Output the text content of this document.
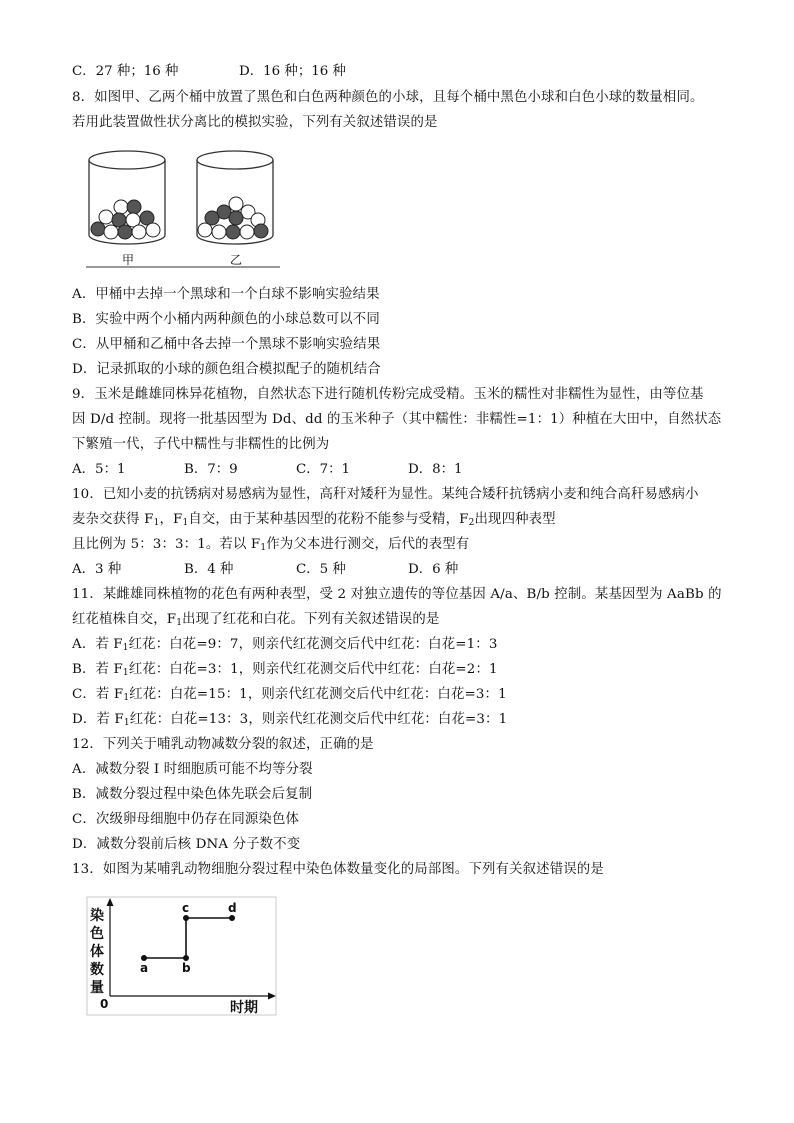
C．27 种；16 种	D．16 种；16 种
8．如图甲、乙两个桶中放置了黑色和白色两种颜色的小球，且每个桶中黑色小球和白色小球的数量相同。
若用此装置做性状分离比的模拟实验，下列有关叙述错误的是
甲	乙
A．甲桶中去掉一个黑球和一个白球不影响实验结果
B．实验中两个小桶内两种颜色的小球总数可以不同
C．从甲桶和乙桶中各去掉一个黑球不影响实验结果
D．记录抓取的小球的颜色组合模拟配子的随机结合
9．玉米是雌雄同株异花植物，自然状态下进行随机传粉完成受精。玉米的糯性对非糯性为显性，由等位基
因 D/d 控制。现将一批基因型为 Dd、dd 的玉米种子（其中糯性：非糯性=1：1）种植在大田中，自然状态
下繁殖一代，子代中糯性与非糯性的比例为
A．5：1	B．7：9	C．7：1	D．8：1
10．已知小麦的抗锈病对易感病为显性，高秆对矮秆为显性。某纯合矮秆抗锈病小麦和纯合高秆易感病小
麦杂交获得 $F_1$，$F_1$自交，由于某种基因型的花粉不能参与受精，$F_2$出现四种表型
且比例为 5：3：3：1。若以 $F_1$作为父本进行测交，后代的表型有
A．3 种	B．4 种	C．5 种	D．6 种
11．某雌雄同株植物的花色有两种表型，受 2 对独立遗传的等位基因 A/a、B/b 控制。某基因型为 AaBb 的
红花植株自交，$F_1$出现了红花和白花。下列有关叙述错误的是
A．若 $F_1$红花：白花=9：7，则亲代红花测交后代中红花：白花=1：3
B．若 $F_1$红花：白花=3：1，则亲代红花测交后代中红花：白花=2：1
C．若 $F_1$红花：白花=15：1，则亲代红花测交后代中红花：白花=3：1
D．若 $F_1$红花：白花=13：3，则亲代红花测交后代中红花：白花=3：1
12．下列关于哺乳动物减数分裂的叙述，正确的是
A．减数分裂 I 时细胞质可能不均等分裂
B．减数分裂过程中染色体先联会后复制
C．次级卵母细胞中仍存在同源染色体
D．减数分裂前后核 DNA 分子数不变
13．如图为某哺乳动物细胞分裂过程中染色体数量变化的局部图。下列有关叙述错误的是
染色体数量
0	时期
a	b
c	d
